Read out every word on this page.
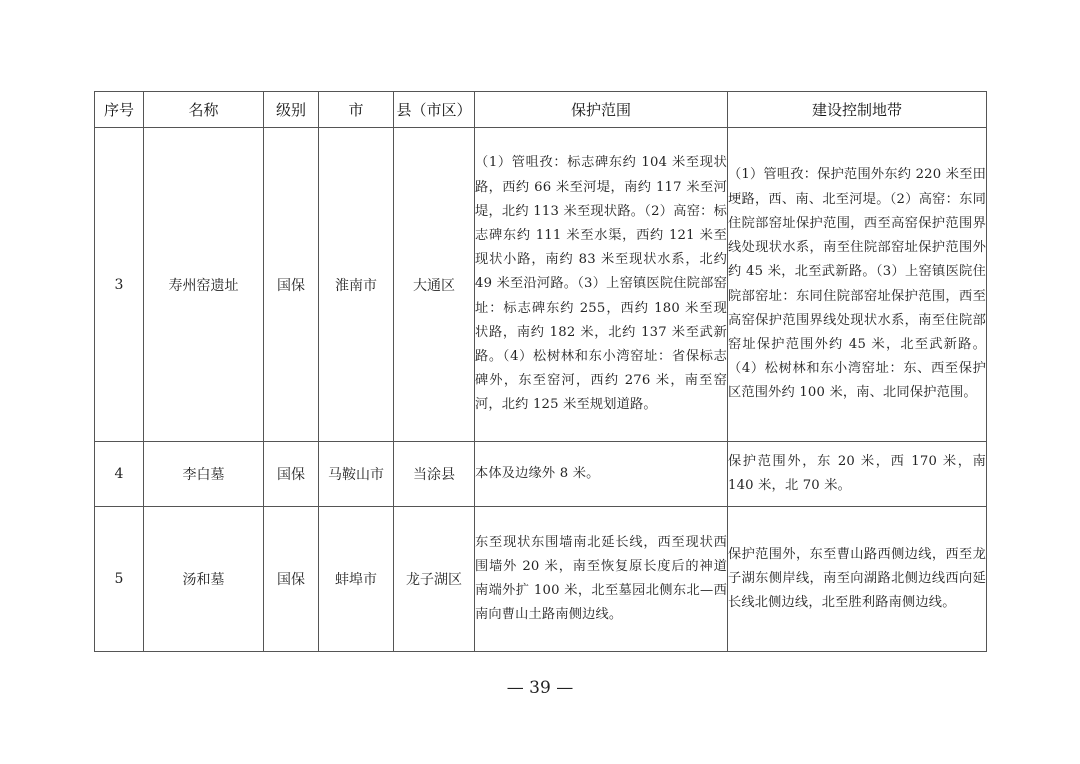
序号	名称	级别	市	县（市区）	保护范围	建设控制地带
3	寿州窑遗址	国保	淮南市	大通区	（1）管咀孜：标志碑东约 104 米至现状路，西约 66 米至河堤，南约 117 米至河堤，北约 113 米至现状路。（2）高窑：标志碑东约 111 米至水渠，西约 121 米至现状小路，南约 83 米至现状水系，北约 49 米至沿河路。（3）上窑镇医院住院部窑址：标志碑东约 255，西约 180 米至现状路，南约 182 米，北约 137 米至武新路。（4）松树林和东小湾窑址：省保标志碑外，东至窑河，西约 276 米，南至窑河，北约 125 米至规划道路。	（1）管咀孜：保护范围外东约 220 米至田埂路，西、南、北至河堤。（2）高窑：东同住院部窑址保护范围，西至高窑保护范围界线处现状水系，南至住院部窑址保护范围外约 45 米，北至武新路。（3）上窑镇医院住院部窑址：东同住院部窑址保护范围，西至高窑保护范围界线处现状水系，南至住院部窑址保护范围外约 45 米，北至武新路。（4）松树林和东小湾窑址：东、西至保护区范围外约 100 米，南、北同保护范围。
4	李白墓	国保	马鞍山市	当涂县	本体及边缘外 8 米。	保护范围外，东 20 米，西 170 米，南 140 米，北 70 米。
5	汤和墓	国保	蚌埠市	龙子湖区	东至现状东围墙南北延长线，西至现状西围墙外 20 米，南至恢复原长度后的神道南端外扩 100 米，北至墓园北侧东北—西南向曹山土路南侧边线。	保护范围外，东至曹山路西侧边线，西至龙子湖东侧岸线，南至向湖路北侧边线西向延长线北侧边线，北至胜利路南侧边线。
— 39 —
